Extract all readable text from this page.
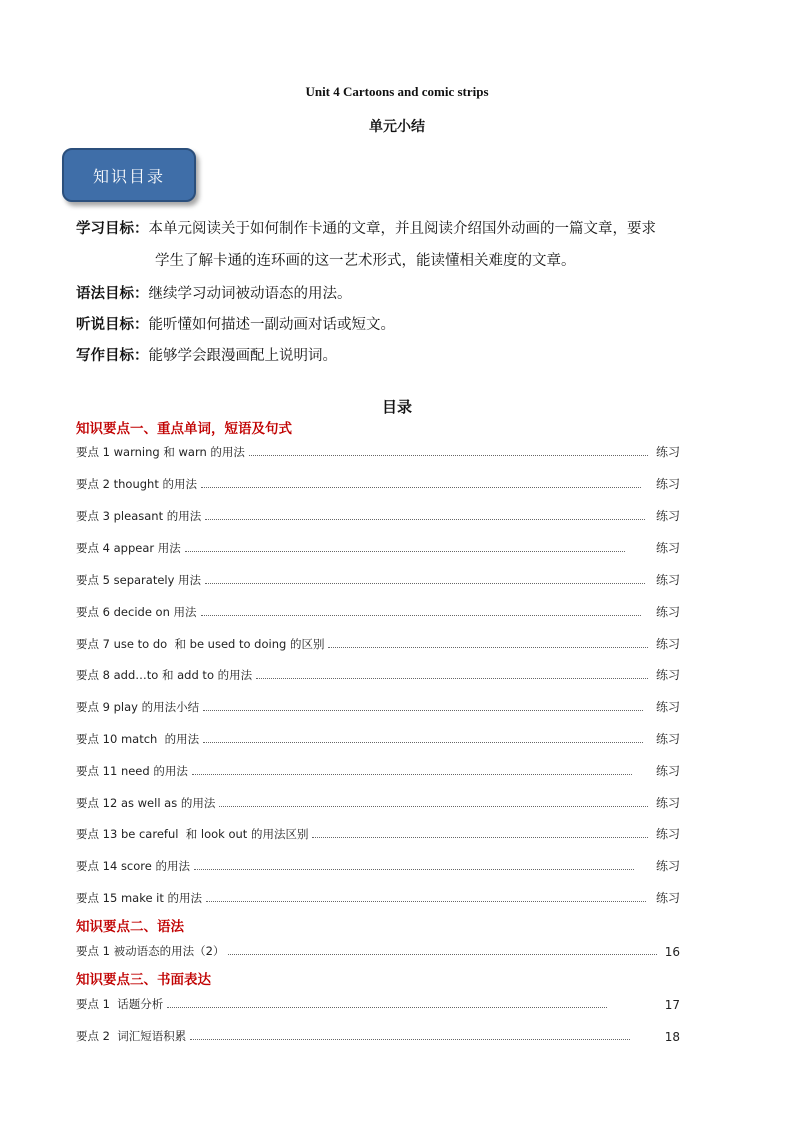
Unit 4 Cartoons and comic strips
单元小结
知识目录
学习目标：本单元阅读关于如何制作卡通的文章，并且阅读介绍国外动画的一篇文章，要求
学生了解卡通的连环画的这一艺术形式，能读懂相关难度的文章。
语法目标：继续学习动词被动语态的用法。
听说目标：能听懂如何描述一副动画对话或短文。
写作目标：能够学会跟漫画配上说明词。
目录
知识要点一、重点单词，短语及句式
要点 1 warning 和 warn 的用法	练习
要点 2 thought 的用法	练习
要点 3 pleasant 的用法	练习
要点 4 appear 用法	练习
要点 5 separately 用法	练习
要点 6 decide on 用法	练习
要点 7 use to do  和 be used to doing 的区别	练习
要点 8 add…to 和 add to 的用法	练习
要点 9 play 的用法小结	练习
要点 10 match  的用法	练习
要点 11 need 的用法	练习
要点 12 as well as 的用法	练习
要点 13 be careful  和 look out 的用法区别	练习
要点 14 score 的用法	练习
要点 15 make it 的用法	练习
知识要点二、语法
要点 1 被动语态的用法（2）	16
知识要点三、书面表达
要点 1  话题分析	17
要点 2  词汇短语积累	18
